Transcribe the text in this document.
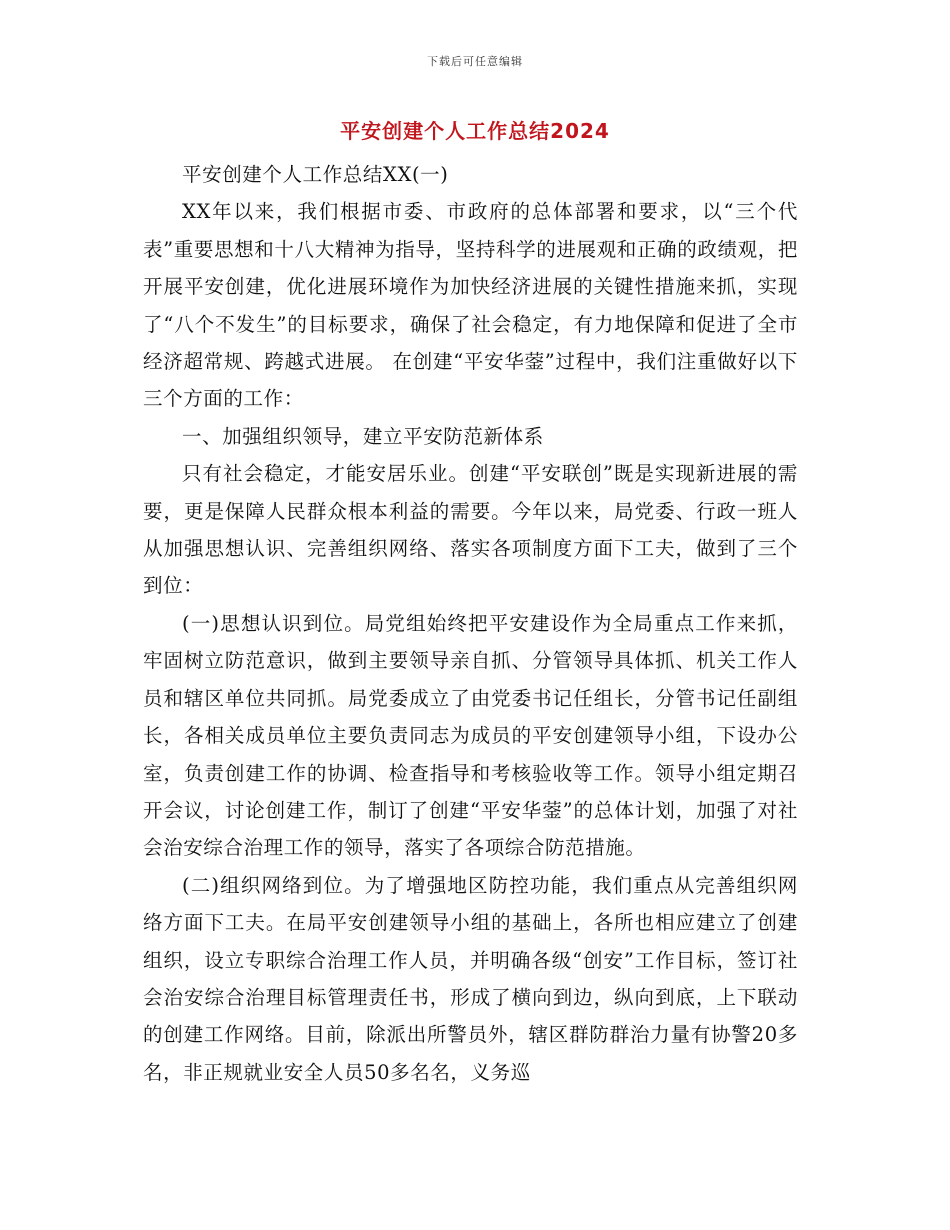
下载后可任意编辑
平安创建个人工作总结2024

平安创建个人工作总结XX(一)

XX年以来，我们根据市委、市政府的总体部署和要求，以“三个代表”重要思想和十八大精神为指导，坚持科学的进展观和正确的政绩观，把开展平安创建，优化进展环境作为加快经济进展的关键性措施来抓，实现了“八个不发生”的目标要求，确保了社会稳定，有力地保障和促进了全市经济超常规、跨越式进展。 在创建“平安华蓥”过程中，我们注重做好以下三个方面的工作：

一、加强组织领导，建立平安防范新体系

只有社会稳定，才能安居乐业。创建“平安联创”既是实现新进展的需要，更是保障人民群众根本利益的需要。今年以来，局党委、行政一班人从加强思想认识、完善组织网络、落实各项制度方面下工夫，做到了三个到位：

(一)思想认识到位。局党组始终把平安建设作为全局重点工作来抓，牢固树立防范意识，做到主要领导亲自抓、分管领导具体抓、机关工作人员和辖区单位共同抓。局党委成立了由党委书记任组长，分管书记任副组长，各相关成员单位主要负责同志为成员的平安创建领导小组，下设办公室，负责创建工作的协调、检查指导和考核验收等工作。领导小组定期召开会议，讨论创建工作，制订了创建“平安华蓥”的总体计划，加强了对社会治安综合治理工作的领导，落实了各项综合防范措施。

(二)组织网络到位。为了增强地区防控功能，我们重点从完善组织网络方面下工夫。在局平安创建领导小组的基础上，各所也相应建立了创建组织，设立专职综合治理工作人员，并明确各级“创安”工作目标，签订社会治安综合治理目标管理责任书，形成了横向到边，纵向到底，上下联动的创建工作网络。目前，除派出所警员外，辖区群防群治力量有协警20多名，非正规就业安全人员50多名名，义务巡
